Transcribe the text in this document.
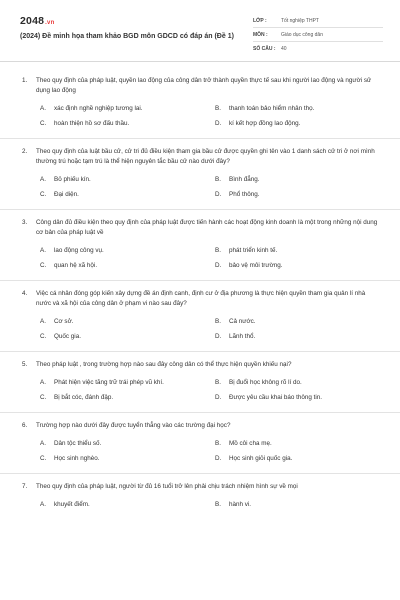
2048.vn
(2024) Đề minh họa tham khảo BGD môn GDCD có đáp án (Đề 1)
LỚP :	Tốt nghiệp THPT
MÔN :	Giáo dục công dân
SỐ CÂU :	40
1.	Theo quy định của pháp luật, quyền lao động của công dân trở thành quyền thực tế sau khi người lao động và người sử dụng lao động
A.	xác định nghề nghiệp tương lai.	B.	thanh toán bảo hiểm nhân thọ.
C.	hoàn thiện hồ sơ đấu thầu.	D.	kí kết hợp đồng lao động.
2.	Theo quy định của luật bầu cử, cử tri đủ điều kiện tham gia bầu cử được quyền ghi tên vào 1 danh sách cử tri ở nơi mình thường trú hoặc tạm trú là thể hiện nguyên tắc bầu cử nào dưới đây?
A.	Bỏ phiếu kín.	B.	Bình đẳng.
C.	Đại diện.	D.	Phổ thông.
3.	Công dân đủ điều kiện theo quy định của pháp luật được tiến hành các hoạt động kinh doanh là một trong những nội dung cơ bản của pháp luật về
A.	lao động công vụ.	B.	phát triển kinh tế.
C.	quan hệ xã hội.	D.	bảo vệ môi trường.
4.	Việc cá nhân đóng góp kiến xây dựng đề án định canh, định cư ở địa phương là thực hiện quyền tham gia quản lí nhà nước và xã hội của công dân ở phạm vi nào sau đây?
A.	Cơ sở.	B.	Cả nước.
C.	Quốc gia.	D.	Lãnh thổ.
5.	Theo pháp luật , trong trường hợp nào sau đây công dân có thể thực hiện quyền khiếu nại?
A.	Phát hiện việc tăng trữ trái phép vũ khí.	B.	Bị đuổi học không rõ lí do.
C.	Bị bắt cóc, đánh đập.	D.	Được yêu cầu khai báo thông tin.
6.	Trường hợp nào dưới đây được tuyển thẳng vào các trường đại học?
A.	Dân tộc thiểu số.	B.	Mồ côi cha mẹ.
C.	Học sinh nghèo.	D.	Học sinh giỏi quốc gia.
7.	Theo quy định của pháp luật, người từ đủ 16 tuổi trở lên phải chịu trách nhiệm hình sự về mọi
A.	khuyết điểm.	B.	hành vi.
